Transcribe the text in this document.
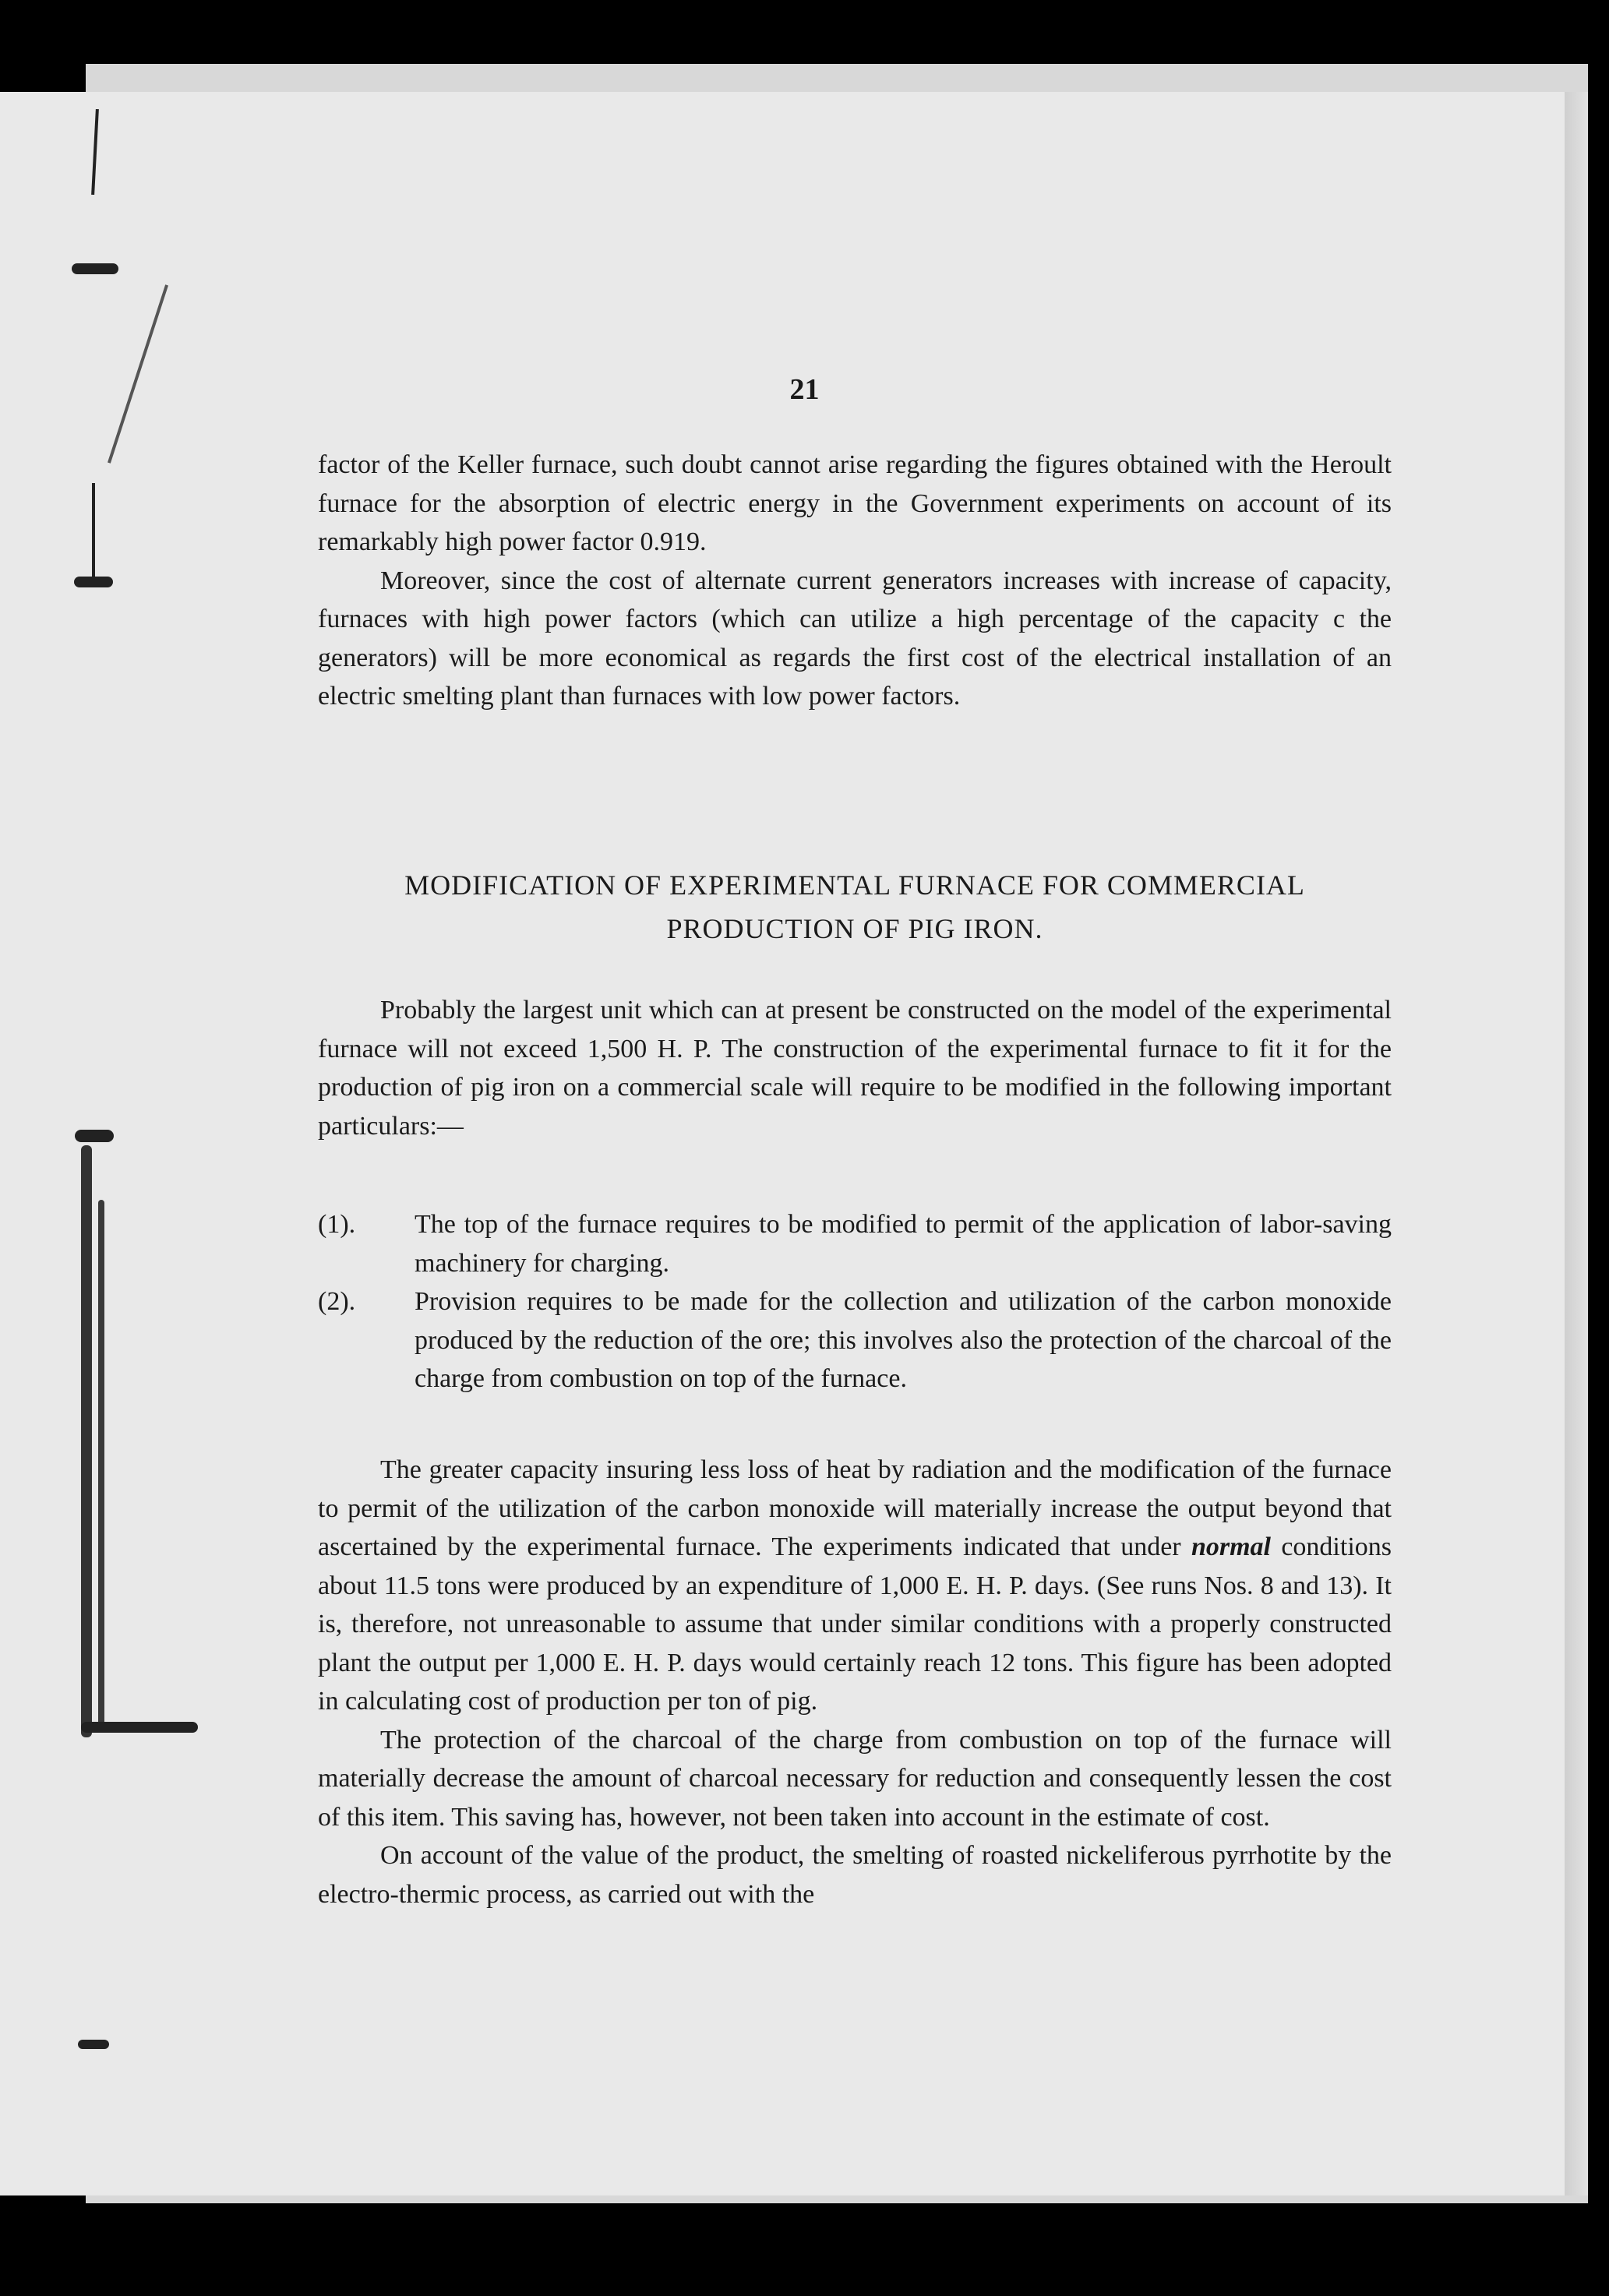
21

factor of the Keller furnace, such doubt cannot arise regarding the figures obtained with the Heroult furnace for the absorption of electric energy in the Government experiments on account of its remarkably high power factor 0.919.

Moreover, since the cost of alternate current generators increases with increase of capacity, furnaces with high power factors (which can utilize a high percentage of the capacity c the generators) will be more economical as regards the first cost of the electrical installation of an electric smelting plant than furnaces with low power factors.

MODIFICATION OF EXPERIMENTAL FURNACE FOR COMMERCIAL
PRODUCTION OF PIG IRON.

Probably the largest unit which can at present be constructed on the model of the experimental furnace will not exceed 1,500 H. P. The construction of the experimental furnace to fit it for the production of pig iron on a commercial scale will require to be modified in the following important particulars:—

(1). The top of the furnace requires to be modified to permit of the application of labor-saving machinery for charging.
(2). Provision requires to be made for the collection and utilization of the carbon monoxide produced by the reduction of the ore; this involves also the protection of the charcoal of the charge from combustion on top of the furnace.

The greater capacity insuring less loss of heat by radiation and the modification of the furnace to permit of the utilization of the carbon monoxide will materially increase the output beyond that ascertained by the experimental furnace. The experiments indicated that under normal conditions about 11.5 tons were produced by an expenditure of 1,000 E. H. P. days. (See runs Nos. 8 and 13). It is, therefore, not unreasonable to assume that under similar conditions with a properly constructed plant the output per 1,000 E. H. P. days would certainly reach 12 tons. This figure has been adopted in calculating cost of production per ton of pig.

The protection of the charcoal of the charge from combustion on top of the furnace will materially decrease the amount of charcoal necessary for reduction and consequently lessen the cost of this item. This saving has, however, not been taken into account in the estimate of cost.

On account of the value of the product, the smelting of roasted nickeliferous pyrrhotite by the electro-thermic process, as carried out with the
